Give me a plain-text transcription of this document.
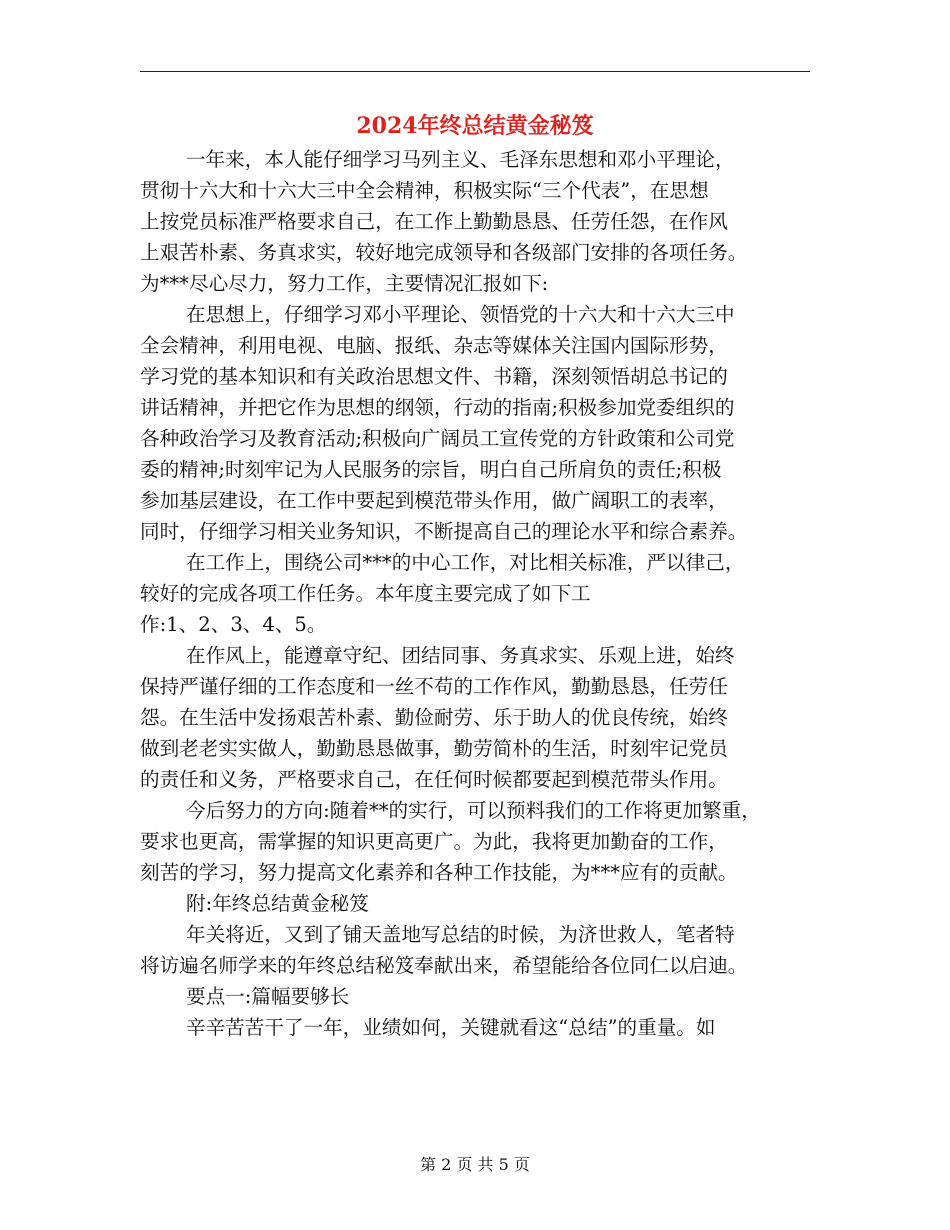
2024年终总结黄金秘笈
一年来，本人能仔细学习马列主义、毛泽东思想和邓小平理论，
贯彻十六大和十六大三中全会精神，积极实际“三个代表”，在思想
上按党员标准严格要求自己，在工作上勤勤恳恳、任劳任怨，在作风
上艰苦朴素、务真求实，较好地完成领导和各级部门安排的各项任务。
为***尽心尽力，努力工作，主要情况汇报如下:
在思想上，仔细学习邓小平理论、领悟党的十六大和十六大三中
全会精神，利用电视、电脑、报纸、杂志等媒体关注国内国际形势，
学习党的基本知识和有关政治思想文件、书籍，深刻领悟胡总书记的
讲话精神，并把它作为思想的纲领，行动的指南;积极参加党委组织的
各种政治学习及教育活动;积极向广阔员工宣传党的方针政策和公司党
委的精神;时刻牢记为人民服务的宗旨，明白自己所肩负的责任;积极
参加基层建设，在工作中要起到模范带头作用，做广阔职工的表率，
同时，仔细学习相关业务知识，不断提高自己的理论水平和综合素养。
在工作上，围绕公司***的中心工作，对比相关标准，严以律己，
较好的完成各项工作任务。本年度主要完成了如下工
作:1、2、3、4、5。
在作风上，能遵章守纪、团结同事、务真求实、乐观上进，始终
保持严谨仔细的工作态度和一丝不苟的工作作风，勤勤恳恳，任劳任
怨。在生活中发扬艰苦朴素、勤俭耐劳、乐于助人的优良传统，始终
做到老老实实做人，勤勤恳恳做事，勤劳简朴的生活，时刻牢记党员
的责任和义务，严格要求自己，在任何时候都要起到模范带头作用。
今后努力的方向:随着**的实行，可以预料我们的工作将更加繁重，
要求也更高，需掌握的知识更高更广。为此，我将更加勤奋的工作，
刻苦的学习，努力提高文化素养和各种工作技能，为***应有的贡献。
附:年终总结黄金秘笈
年关将近，又到了铺天盖地写总结的时候，为济世救人，笔者特
将访遍名师学来的年终总结秘笈奉献出来，希望能给各位同仁以启迪。
要点一:篇幅要够长
辛辛苦苦干了一年，业绩如何，关键就看这“总结”的重量。如
第 2 页 共 5 页
